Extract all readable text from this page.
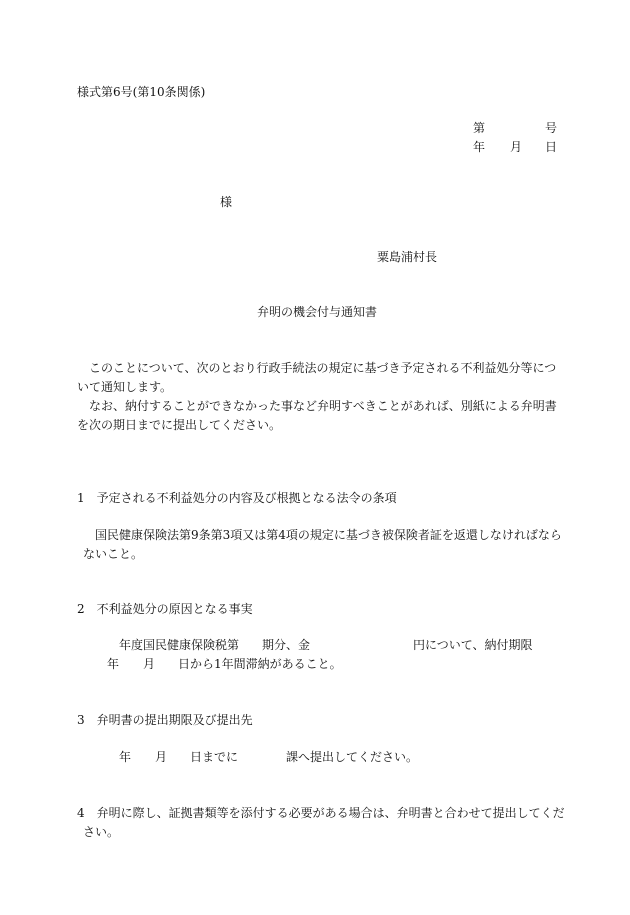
様式第6号(第10条関係)
第	号
年 月 日
様
粟島浦村長
弁明の機会付与通知書
このことについて、次のとおり行政手続法の規定に基づき予定される不利益処分等につ
いて通知します。
なお、納付することができなかった事など弁明すべきことがあれば、別紙による弁明書
を次の期日までに提出してください。
1　予定される不利益処分の内容及び根拠となる法令の条項
国民健康保険法第9条第3項又は第4項の規定に基づき被保険者証を返還しなければなら
ないこと。
2　不利益処分の原因となる事実
年度国民健康保険税第 期分、金	円について、納付期限
年 月 日から1年間滞納があること。
3　弁明書の提出期限及び提出先
年 月 日までに	課へ提出してください。
4　弁明に際し、証拠書類等を添付する必要がある場合は、弁明書と合わせて提出してくだ
さい。
